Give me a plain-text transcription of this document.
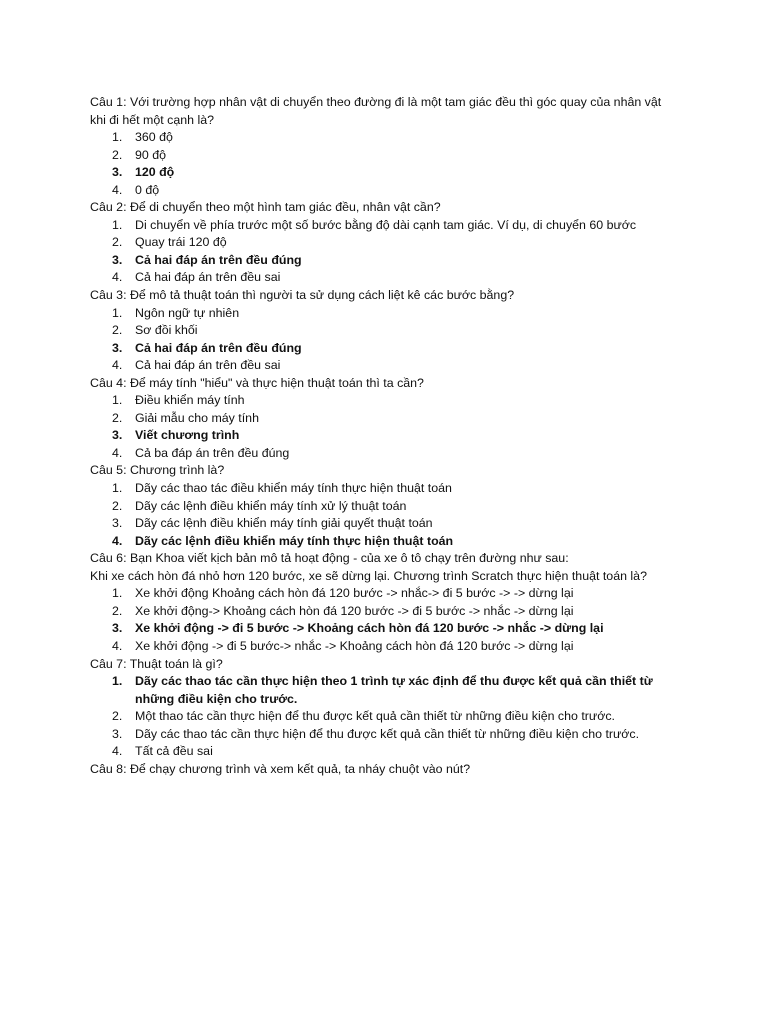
Câu 1: Với trường hợp nhân vật di chuyển theo đường đi là một tam giác đều thì góc quay của nhân vật khi đi hết một cạnh là?
1. 360 độ
2. 90 độ
3. 120 độ
4. 0 độ
Câu 2: Để di chuyển theo một hình tam giác đều, nhân vật cần?
1. Di chuyển về phía trước một số bước bằng độ dài cạnh tam giác. Ví dụ, di chuyển 60 bước
2. Quay trái 120 độ
3. Cả hai đáp án trên đều đúng
4. Cả hai đáp án trên đều sai
Câu 3: Để mô tả thuật toán thì người ta sử dụng cách liệt kê các bước bằng?
1. Ngôn ngữ tự nhiên
2. Sơ đồi khối
3. Cả hai đáp án trên đều đúng
4. Cả hai đáp án trên đều sai
Câu 4: Để máy tính "hiểu" và thực hiện thuật toán thì ta cần?
1. Điều khiển máy tính
2. Giải mẫu cho máy tính
3. Viết chương trình
4. Cả ba đáp án trên đều đúng
Câu 5: Chương trình là?
1. Dãy các thao tác điều khiển máy tính thực hiện thuật toán
2. Dãy các lệnh điều khiển máy tính xử lý thuật toán
3. Dãy các lệnh điều khiển máy tính giải quyết thuật toán
4. Dãy các lệnh điều khiển máy tính thực hiện thuật toán
Câu 6: Bạn Khoa viết kịch bản mô tả hoạt động - của xe ô tô chạy trên đường như sau:
Khi xe cách hòn đá nhỏ hơn 120 bước, xe sẽ dừng lại. Chương trình Scratch thực hiện thuật toán là?
1. Xe khởi động Khoảng cách hòn đá 120 bước -> nhắc-> đi 5 bước -> -> dừng lại
2. Xe khởi động-> Khoảng cách hòn đá 120 bước -> đi 5 bước -> nhắc -> dừng lại
3. Xe khởi động -> đi 5 bước -> Khoảng cách hòn đá 120 bước -> nhắc -> dừng lại
4. Xe khởi động -> đi 5 bước-> nhắc -> Khoảng cách hòn đá 120 bước -> dừng lại
Câu 7: Thuật toán là gì?
1. Dãy các thao tác cần thực hiện theo 1 trình tự xác định để thu được kết quả cần thiết từ những điều kiện cho trước.
2. Một thao tác cần thực hiện để thu được kết quả cần thiết từ những điều kiện cho trước.
3. Dãy các thao tác cần thực hiện để thu được kết quả cần thiết từ những điều kiện cho trước.
4. Tất cả đều sai
Câu 8: Để chạy chương trình và xem kết quả, ta nháy chuột vào nút?
